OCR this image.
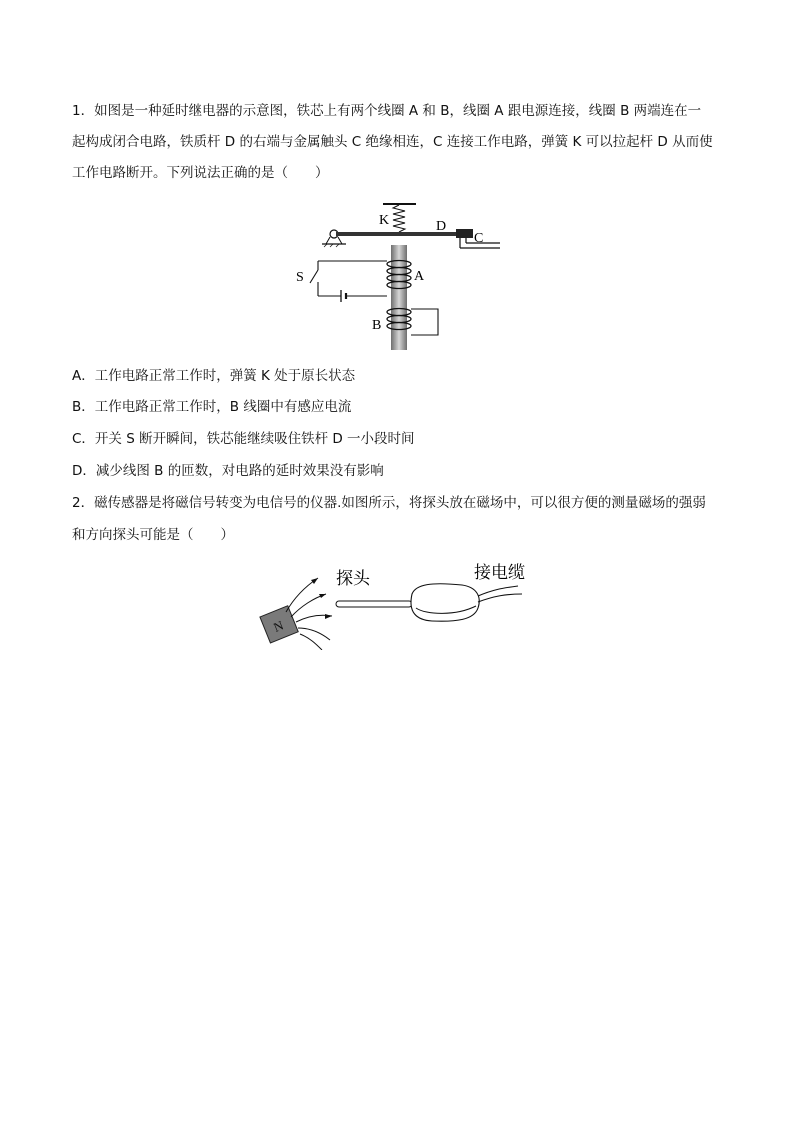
1．如图是一种延时继电器的示意图，铁芯上有两个线圈 A 和 B，线圈 A 跟电源连接，线圈 B 两端连在一
起构成闭合电路，铁质杆 D 的右端与金属触头 C 绝缘相连，C 连接工作电路，弹簧 K 可以拉起杆 D 从而使
工作电路断开。下列说法正确的是（　　）
K	D
C
A
S
B
A．工作电路正常工作时，弹簧 K 处于原长状态
B．工作电路正常工作时，B 线圈中有感应电流
C．开关 S 断开瞬间，铁芯能继续吸住铁杆 D 一小段时间
D．减少线图 B 的匝数，对电路的延时效果没有影响
2．磁传感器是将磁信号转变为电信号的仪器.如图所示，将探头放在磁场中，可以很方便的测量磁场的强弱
和方向探头可能是（　　）
N
探头	接电缆
